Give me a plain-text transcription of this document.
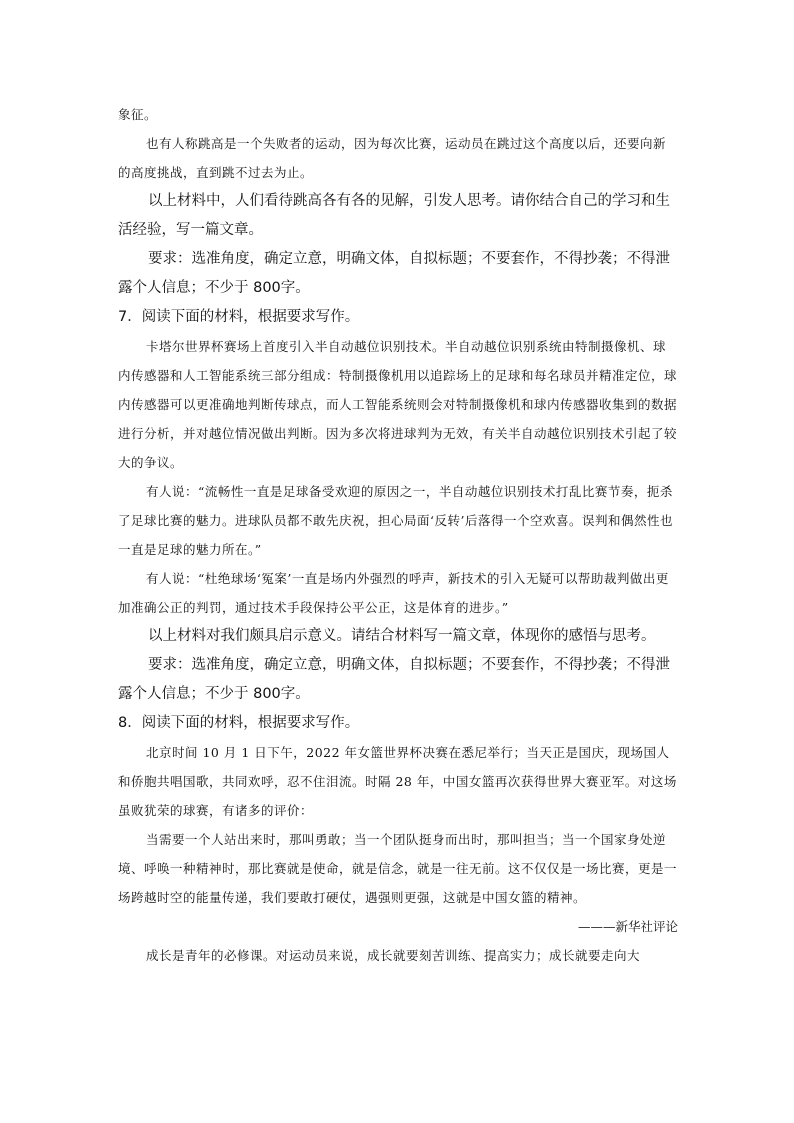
象征。

也有人称跳高是一个失败者的运动，因为每次比赛，运动员在跳过这个高度以后，还要向新的高度挑战，直到跳不过去为止。

以上材料中，人们看待跳高各有各的见解，引发人思考。请你结合自己的学习和生活经验，写一篇文章。

要求：选准角度，确定立意，明确文体，自拟标题；不要套作，不得抄袭；不得泄露个人信息；不少于 800字。

7．阅读下面的材料，根据要求写作。

卡塔尔世界杯赛场上首度引入半自动越位识别技术。半自动越位识别系统由特制摄像机、球内传感器和人工智能系统三部分组成：特制摄像机用以追踪场上的足球和每名球员并精准定位，球内传感器可以更准确地判断传球点，而人工智能系统则会对特制摄像机和球内传感器收集到的数据进行分析，并对越位情况做出判断。因为多次将进球判为无效，有关半自动越位识别技术引起了较大的争议。

有人说：“流畅性一直是足球备受欢迎的原因之一，半自动越位识别技术打乱比赛节奏，扼杀了足球比赛的魅力。进球队员都不敢先庆祝，担心局面‘反转’后落得一个空欢喜。误判和偶然性也一直是足球的魅力所在。”

有人说：“杜绝球场‘冤案’一直是场内外强烈的呼声，新技术的引入无疑可以帮助裁判做出更加准确公正的判罚，通过技术手段保持公平公正，这是体育的进步。”

以上材料对我们颇具启示意义。请结合材料写一篇文章，体现你的感悟与思考。

要求：选准角度，确定立意，明确文体，自拟标题；不要套作，不得抄袭；不得泄露个人信息；不少于 800字。

8．阅读下面的材料，根据要求写作。

北京时间 10 月 1 日下午，2022 年女篮世界杯决赛在悉尼举行；当天正是国庆，现场国人和侨胞共唱国歌，共同欢呼，忍不住泪流。时隔 28 年，中国女篮再次获得世界大赛亚军。对这场虽败犹荣的球赛，有诸多的评价：

当需要一个人站出来时，那叫勇敢；当一个团队挺身而出时，那叫担当；当一个国家身处逆境、呼唤一种精神时，那比赛就是使命，就是信念，就是一往无前。这不仅仅是一场比赛，更是一场跨越时空的能量传递，我们要敢打硬仗，遇强则更强，这就是中国女篮的精神。

———新华社评论

成长是青年的必修课。对运动员来说，成长就要刻苦训练、提高实力；成长就要走向大
